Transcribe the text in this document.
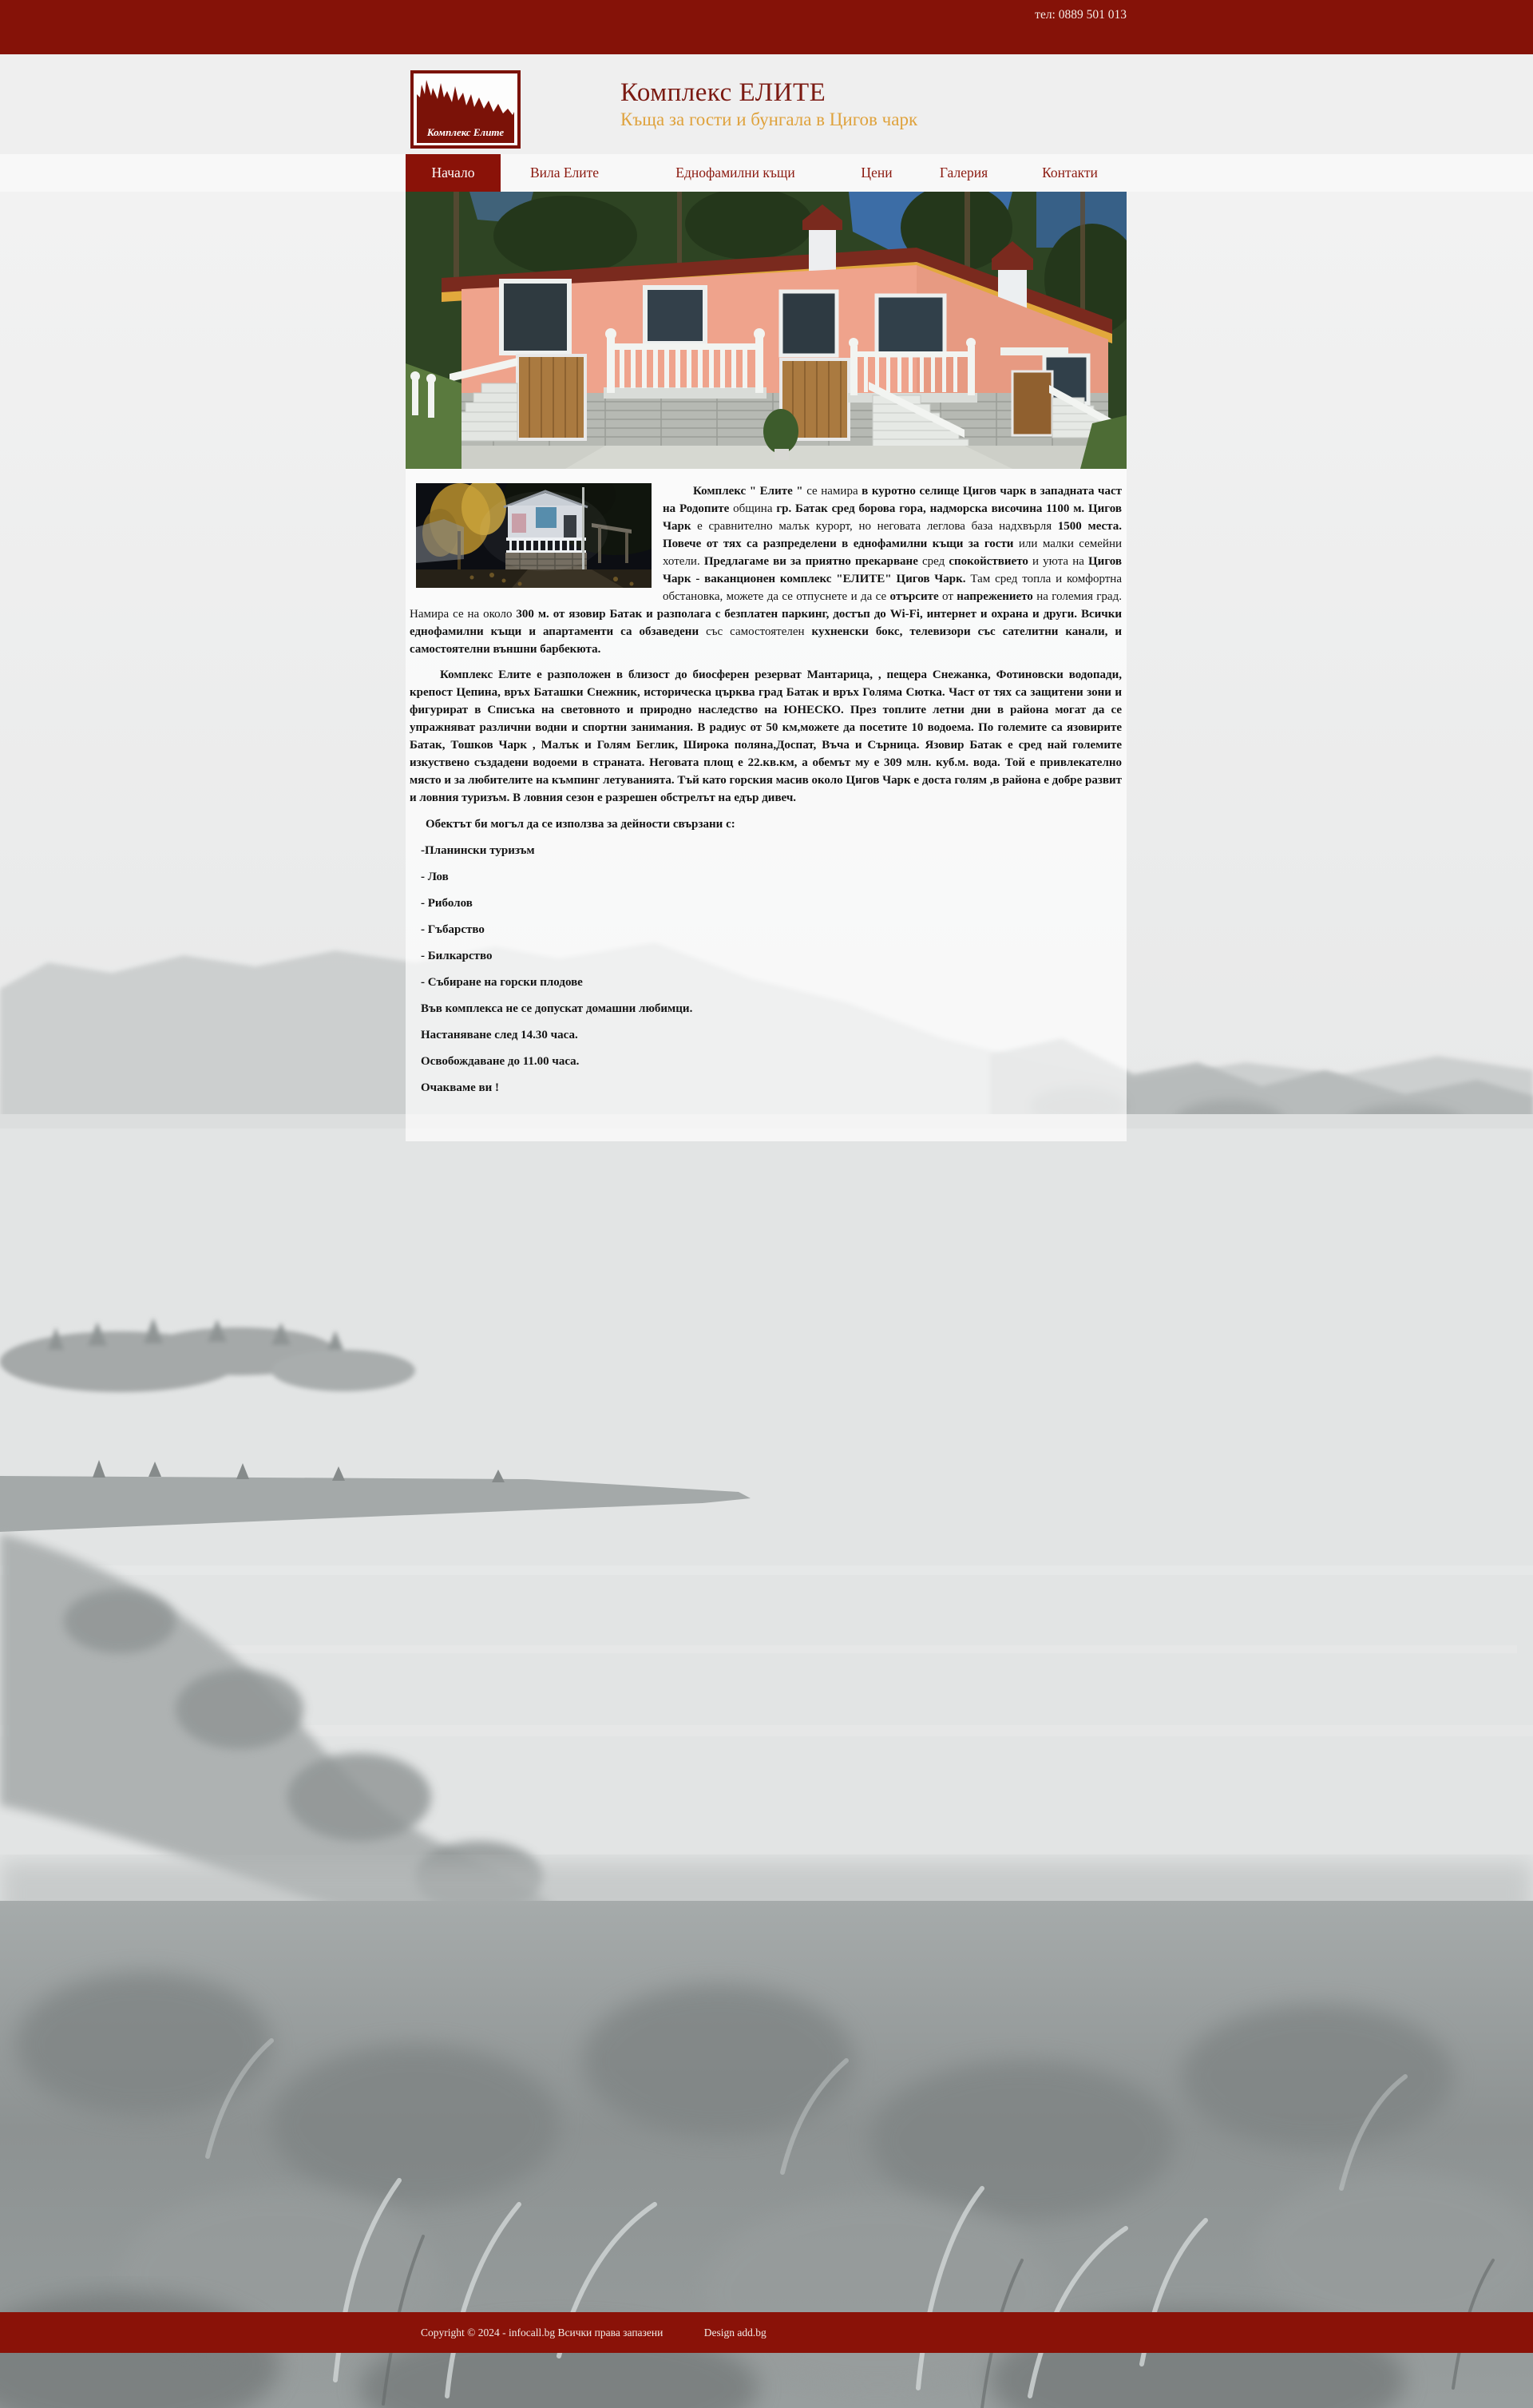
тел: 0889 501 013
Комплекс Елите
Комплекс ЕЛИТЕ
Къща за гости и бунгала в Цигов чарк
Начало	Вила Елите	Еднофамилни къщи	Цени	Галерия	Контакти

Комплекс " Елите " се намира в куротно селище Цигов чарк в западната част на Родопите община гр. Батак сред борова гора, надморска височина 1100 м. Цигов Чарк е сравнително малък курорт, но неговата леглова база надхвърля 1500 места. Повече от тях са разпределени в еднофамилни къщи за гости или малки семейни хотели. Предлагаме ви за приятно прекарване сред спокойствието и уюта на Цигов Чарк - ваканционен комплекс "ЕЛИТЕ" Цигов Чарк. Там сред топла и комфортна обстановка, можете да се отпуснете и да се отърсите от напрежението на големия град. Намира се на около 300 м. от язовир Батак и разполага с безплатен паркинг, достъп до Wi-Fi, интернет и охрана и други. Всички еднофамилни къщи и апартаменти са обзаведени със самостоятелен кухненски бокс, телевизори със сателитни канали, и самостоятелни външни барбекюта.

Комплекс Елите е разположен в близост до биосферен резерват Мантарица, , пещера Снежанка, Фотиновски водопади, крепост Цепина, връх Баташки Снежник, историческа църква град Батак и връх Голяма Сютка. Част от тях са защитени зони и фигурират в Списъка на световното и природно наследство на ЮНЕСКО. През топлите летни дни в района могат да се упражняват различни водни и спортни занимания. В радиус от 50 км,можете да посетите 10 водоема. По големите са язовирите Батак, Тошков Чарк , Малък и Голям Беглик, Широка поляна,Доспат, Въча и Сърница. Язовир Батак е сред най големите изкуствено създадени водоеми в страната. Неговата площ е 22.кв.км, а обемът му е 309 млн. куб.м. вода. Той е привлекателно място и за любителите на къмпинг летуванията. Тъй като горския масив около Цигов Чарк е доста голям ,в района е добре развит и ловния туризъм. В ловния сезон е разрешен обстрелът на едър дивеч.

Обектът би могъл да се използва за дейности свързани с:

-Планински туризъм

- Лов

- Риболов

- Гъбарство

- Билкарство

- Събиране на горски плодове

Във комплекса не се допускат домашни любимци.

Настаняване след 14.30 часа.

Освобождаване до 11.00 часа.

Очакваме ви !

Copyright © 2024 - infocall.bg Всички права запазени	Design add.bg
